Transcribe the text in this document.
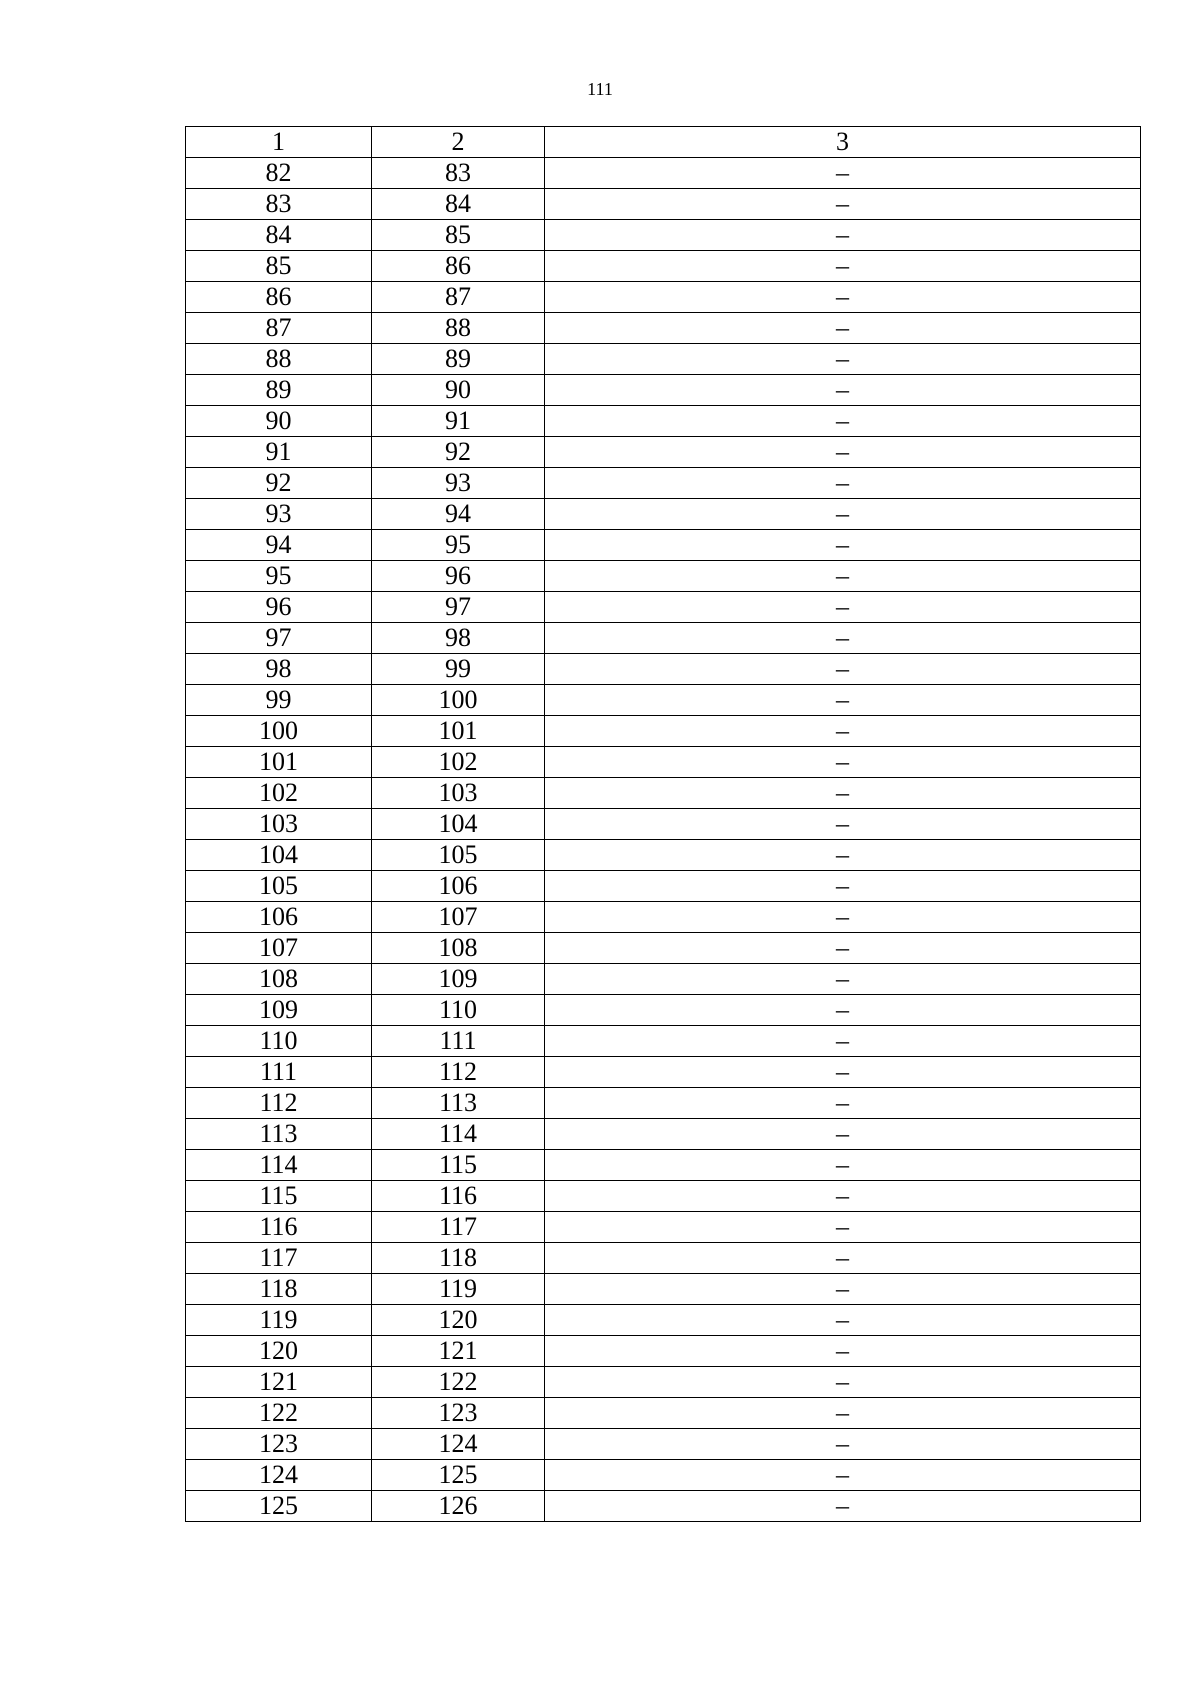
111
1	2	3
82	83	–
83	84	–
84	85	–
85	86	–
86	87	–
87	88	–
88	89	–
89	90	–
90	91	–
91	92	–
92	93	–
93	94	–
94	95	–
95	96	–
96	97	–
97	98	–
98	99	–
99	100	–
100	101	–
101	102	–
102	103	–
103	104	–
104	105	–
105	106	–
106	107	–
107	108	–
108	109	–
109	110	–
110	111	–
111	112	–
112	113	–
113	114	–
114	115	–
115	116	–
116	117	–
117	118	–
118	119	–
119	120	–
120	121	–
121	122	–
122	123	–
123	124	–
124	125	–
125	126	–
